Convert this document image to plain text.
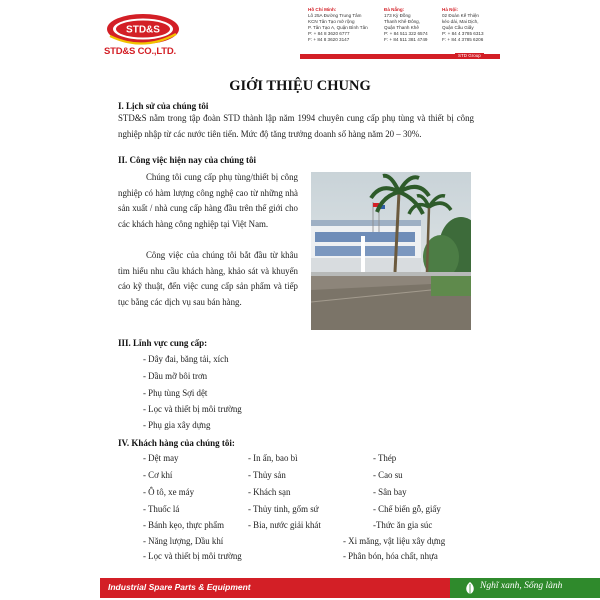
STD&S
STD&S CO.,LTD.
Hồ Chí Minh:
Lô 25A Đường Trung Tâm
KCN Tân Tạo mở rộng
P. Tân Tạo A, Quận Bình Tân
P: + 84 8 3620 6777
F: + 84 8 3620 3147
Đà Nẵng:
173 Kỳ Đồng
Thanh Khê Đông,
Quận Thanh Khê
P: + 84 511 322 6574
F: + 84 511 381 4749
Hà Nội:
02 Đoàn Kế Thiện
kéo dài, Mai Dịch,
Quận Cầu Giấy
P: + 84 4 3785 6313
F: + 84 4 3785 6206
STD Group
GIỚI THIỆU CHUNG
I. Lịch sử của chúng tôi
STD&S nằm trong tập đoàn STD thành lập năm 1994 chuyên cung cấp phụ tùng và thiết bị công nghiệp nhập từ các nước tiên tiến. Mức độ tăng trưởng doanh số hàng năm 20 – 30%.
II. Công việc hiện nay của chúng tôi
Chúng tôi cung cấp phụ tùng/thiết bị công nghiệp có hàm lượng công nghệ cao từ những nhà sản xuất / nhà cung cấp hàng đầu trên thế giới cho các khách hàng công nghiệp tại Việt Nam.
Công việc của chúng tôi bắt đầu từ khâu tìm hiểu nhu cầu khách hàng, khảo sát và khuyến cáo kỹ thuật, đến việc cung cấp sản phẩm và tiếp tục bằng các dịch vụ sau bán hàng.
III. Lĩnh vực cung cấp:
- Dây đai, băng tải, xích
- Dầu mỡ bôi trơn
- Phụ tùng Sợi dệt
- Lọc và thiết bị môi trường
- Phụ gia xây dựng
IV. Khách hàng của chúng tôi:
- Dệt may
- Cơ khí
- Ô tô, xe máy
- Thuốc lá
- Bánh kẹo, thực phẩm
- Năng lượng, Dầu khí
- Lọc và thiết bị môi trường
- In ấn, bao bì
- Thủy sản
- Khách sạn
- Thủy tinh, gốm sứ
- Bia, nước giải khát
- Thép
- Cao su
- Sân bay
- Chế biến gỗ, giấy
-Thức ăn gia súc
- Xi măng, vật liệu xây dựng
- Phân bón, hóa chất, nhựa
Industrial Spare Parts & Equipment	Nghĩ xanh, Sống lành
